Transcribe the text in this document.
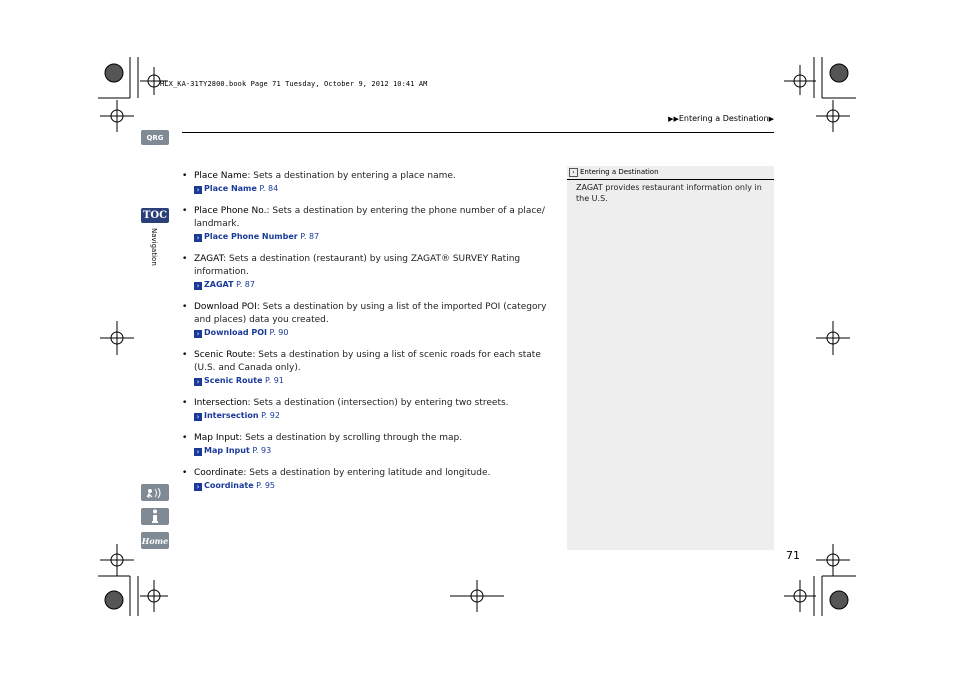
HLX_KA-31TY2800.book Page 71 Tuesday, October 9, 2012 10:41 AM
▶▶Entering a Destination▶
QRG
TOC
Navigation
Home
• Place Name: Sets a destination by entering a place name.
› Place Name P. 84
• Place Phone No.: Sets a destination by entering the phone number of a place/ landmark.
› Place Phone Number P. 87
• ZAGAT: Sets a destination (restaurant) by using ZAGAT® SURVEY Rating information.
› ZAGAT P. 87
• Download POI: Sets a destination by using a list of the imported POI (category and places) data you created.
› Download POI P. 90
• Scenic Route: Sets a destination by using a list of scenic roads for each state (U.S. and Canada only).
› Scenic Route P. 91
• Intersection: Sets a destination (intersection) by entering two streets.
› Intersection P. 92
• Map Input: Sets a destination by scrolling through the map.
› Map Input P. 93
• Coordinate: Sets a destination by entering latitude and longitude.
› Coordinate P. 95
› Entering a Destination
ZAGAT provides restaurant information only in the U.S.
71
